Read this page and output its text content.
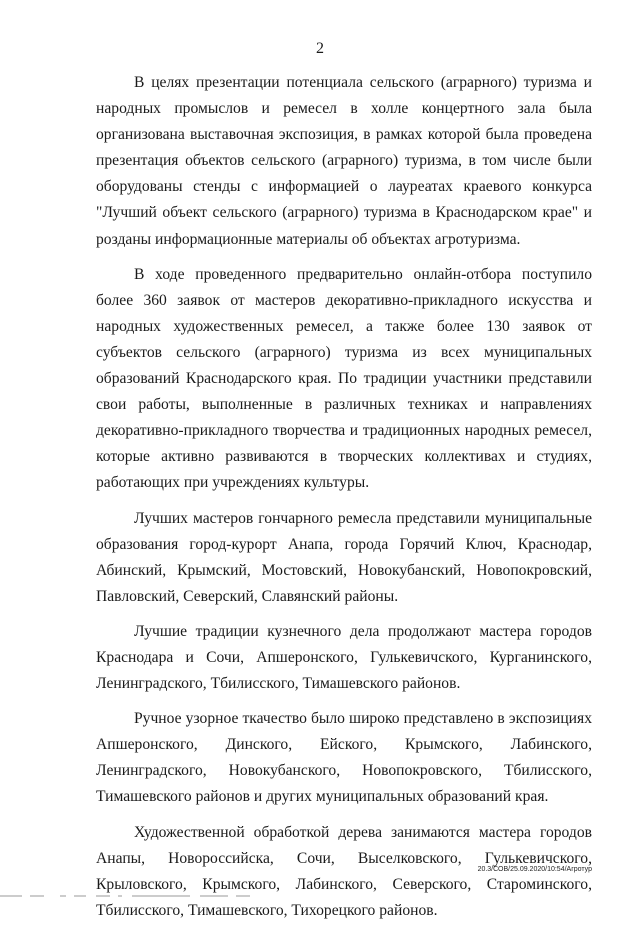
2

В целях презентации потенциала сельского (аграрного) туризма и народных промыслов и ремесел в холле концертного зала была организована выставочная экспозиция, в рамках которой была проведена презентация объектов сельского (аграрного) туризма, в том числе были оборудованы стенды с информацией о лауреатах краевого конкурса "Лучший объект сельского (аграрного) туризма в Краснодарском крае" и розданы информационные материалы об объектах агротуризма.

В ходе проведенного предварительно онлайн-отбора поступило более 360 заявок от мастеров декоративно-прикладного искусства и народных художественных ремесел, а также более 130 заявок от субъектов сельского (аграрного) туризма из всех муниципальных образований Краснодарского края. По традиции участники представили свои работы, выполненные в различных техниках и направлениях декоративно-прикладного творчества и традиционных народных ремесел, которые активно развиваются в творческих коллективах и студиях, работающих при учреждениях культуры.

Лучших мастеров гончарного ремесла представили муниципальные образования город-курорт Анапа, города Горячий Ключ, Краснодар, Абинский, Крымский, Мостовский, Новокубанский, Новопокровский, Павловский, Северский, Славянский районы.

Лучшие традиции кузнечного дела продолжают мастера городов Краснодара и Сочи, Апшеронского, Гулькевичского, Курганинского, Ленинградского, Тбилисского, Тимашевского районов.

Ручное узорное ткачество было широко представлено в экспозициях Апшеронского, Динского, Ейского, Крымского, Лабинского, Ленинградского, Новокубанского, Новопокровского, Тбилисского, Тимашевского районов и других муниципальных образований края.

Художественной обработкой дерева занимаются мастера городов Анапы, Новороссийска, Сочи, Выселковского, Гулькевичского, Крыловского, Крымского, Лабинского, Северского, Староминского, Тбилисского, Тимашевского, Тихорецкого районов.

20.3/СОВ/25.09.2020/10:54/Агротур
